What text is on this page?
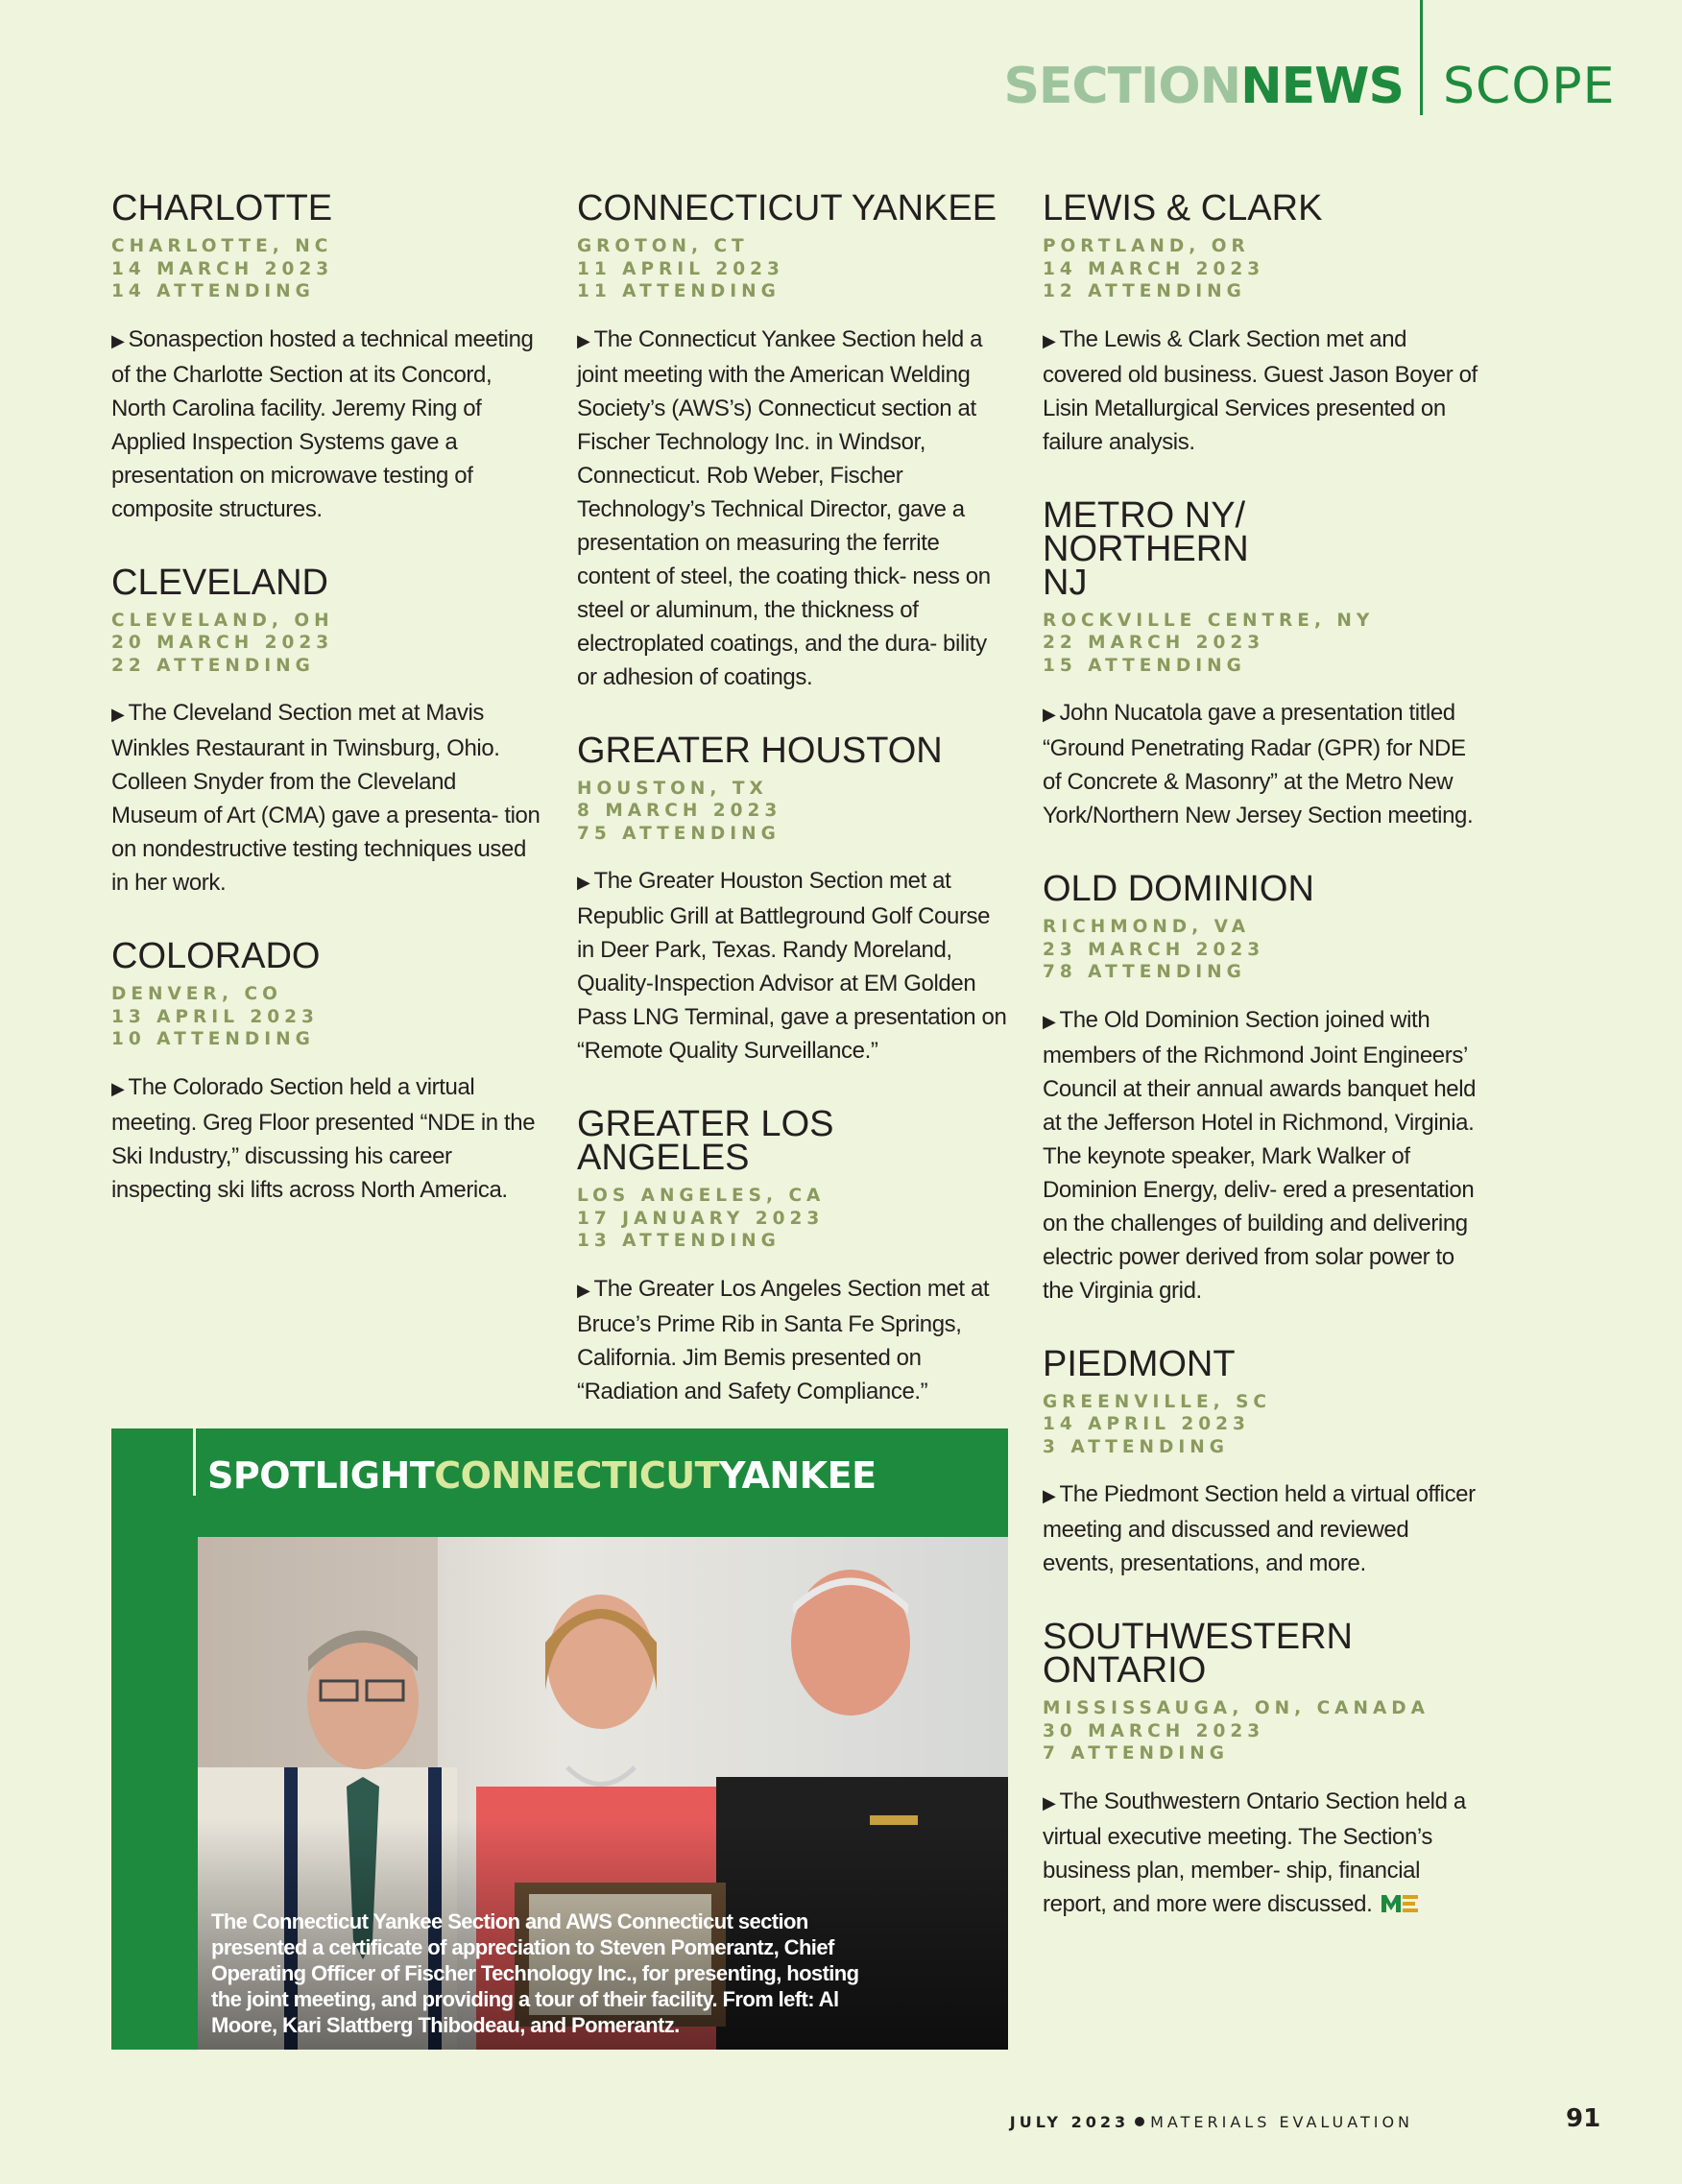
SECTIONNEWS SCOPE
CHARLOTTE
CHARLOTTE, NC
14 MARCH 2023
14 ATTENDING

▶ Sonaspection hosted a technical meeting of the Charlotte Section at its Concord, North Carolina facility. Jeremy Ring of Applied Inspection Systems gave a presentation on microwave testing of composite structures.

CLEVELAND
CLEVELAND, OH
20 MARCH 2023
22 ATTENDING

▶ The Cleveland Section met at Mavis Winkles Restaurant in Twinsburg, Ohio. Colleen Snyder from the Cleveland Museum of Art (CMA) gave a presenta- tion on nondestructive testing techniques used in her work.

COLORADO
DENVER, CO
13 APRIL 2023
10 ATTENDING

▶ The Colorado Section held a virtual meeting. Greg Floor presented “NDE in the Ski Industry,” discussing his career inspecting ski lifts across North America.

CONNECTICUT YANKEE
GROTON, CT
11 APRIL 2023
11 ATTENDING

▶ The Connecticut Yankee Section held a joint meeting with the American Welding Society’s (AWS’s) Connecticut section at Fischer Technology Inc. in Windsor, Connecticut. Rob Weber, Fischer Technology’s Technical Director, gave a presentation on measuring the ferrite content of steel, the coating thick- ness on steel or aluminum, the thickness of electroplated coatings, and the dura- bility or adhesion of coatings.

GREATER HOUSTON
HOUSTON, TX
8 MARCH 2023
75 ATTENDING

▶ The Greater Houston Section met at Republic Grill at Battleground Golf Course in Deer Park, Texas. Randy Moreland, Quality-Inspection Advisor at EM Golden Pass LNG Terminal, gave a presentation on “Remote Quality Surveillance.”

GREATER LOS ANGELES
LOS ANGELES, CA
17 JANUARY 2023
13 ATTENDING

▶ The Greater Los Angeles Section met at Bruce’s Prime Rib in Santa Fe Springs, California. Jim Bemis presented on “Radiation and Safety Compliance.”

LEWIS & CLARK
PORTLAND, OR
14 MARCH 2023
12 ATTENDING

▶ The Lewis & Clark Section met and covered old business. Guest Jason Boyer of Lisin Metallurgical Services presented on failure analysis.

METRO NY/ NORTHERN NJ
ROCKVILLE CENTRE, NY
22 MARCH 2023
15 ATTENDING

▶ John Nucatola gave a presentation titled “Ground Penetrating Radar (GPR) for NDE of Concrete & Masonry” at the Metro New York/Northern New Jersey Section meeting.

OLD DOMINION
RICHMOND, VA
23 MARCH 2023
78 ATTENDING

▶ The Old Dominion Section joined with members of the Richmond Joint Engineers’ Council at their annual awards banquet held at the Jefferson Hotel in Richmond, Virginia. The keynote speaker, Mark Walker of Dominion Energy, deliv- ered a presentation on the challenges of building and delivering electric power derived from solar power to the Virginia grid.

PIEDMONT
GREENVILLE, SC
14 APRIL 2023
3 ATTENDING

▶ The Piedmont Section held a virtual officer meeting and discussed and reviewed events, presentations, and more.

SOUTHWESTERN ONTARIO
MISSISSAUGA, ON, CANADA
30 MARCH 2023
7 ATTENDING

▶ The Southwestern Ontario Section held a virtual executive meeting. The Section’s business plan, member- ship, financial report, and more were discussed.

SPOTLIGHTCONNECTICUTYANKEE
The Connecticut Yankee Section and AWS Connecticut section presented a certificate of appreciation to Steven Pomerantz, Chief Operating Officer of Fischer Technology Inc., for presenting, hosting the joint meeting, and providing a tour of their facility. From left: Al Moore, Kari Slattberg Thibodeau, and Pomerantz.
JULY 2023 MATERIALS EVALUATION	91
